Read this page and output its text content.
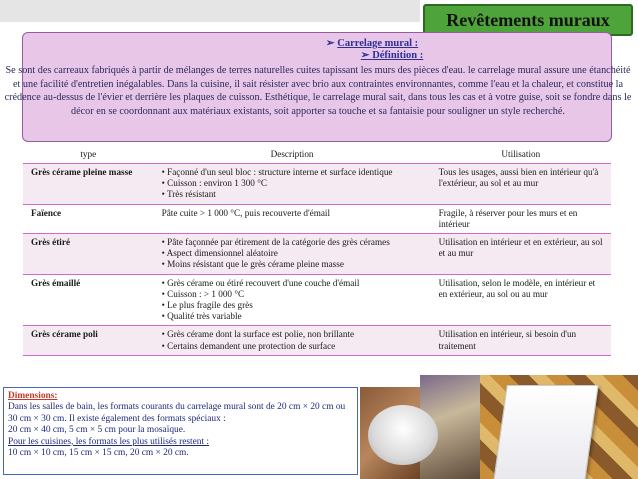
Revêtements muraux
➢ Carrelage mural :
➢ Définition :
Se sont des carreaux fabriqués à partir de mélanges de terres naturelles cuites tapissant les murs des pièces d'eau. le carrelage mural assure une étanchéité et une facilité d'entretien inégalables. Dans la cuisine, il sait résister avec brio aux contraintes environnantes, comme l'eau et la chaleur, et constitue la crédence au-dessus de l'évier et derrière les plaques de cuisson. Esthétique, le carrelage mural sait, dans tous les cas et à votre guise, soit se fondre dans le décor en se coordonnant aux matériaux existants, soit apporter sa touche et sa fantaisie pour souligner un style recherché.
type	Description	Utilisation
Grès cérame pleine masse	• Façonné d'un seul bloc : structure interne et surface identique
• Cuisson : environ 1 300 °C
• Très résistant	Tous les usages, aussi bien en intérieur qu'à l'extérieur, au sol et au mur
Faïence	Pâte cuite > 1 000 °C, puis recouverte d'émail	Fragile, à réserver pour les murs et en intérieur
Grès étiré	• Pâte façonnée par étirement de la catégorie des grès cérames
• Aspect dimensionnel aléatoire
• Moins résistant que le grès cérame pleine masse	Utilisation en intérieur et en extérieur, au sol et au mur
Grès émaillé	• Grès cérame ou étiré recouvert d'une couche d'émail
• Cuisson : > 1 000 °C
• Le plus fragile des grès
• Qualité très variable	Utilisation, selon le modèle, en intérieur et en extérieur, au sol ou au mur
Grès cérame poli	• Grès cérame dont la surface est polie, non brillante
• Certains demandent une protection de surface	Utilisation en intérieur, si besoin d'un traitement
Dimensions:
Dans les salles de bain, les formats courants du carrelage mural sont de 20 cm × 20 cm ou 30 cm × 30 cm. Il existe également des formats spéciaux :
20 cm × 40 cm, 5 cm × 5 cm pour la mosaïque.
Pour les cuisines, les formats les plus utilisés restent :
10 cm × 10 cm, 15 cm × 15 cm, 20 cm × 20 cm.
